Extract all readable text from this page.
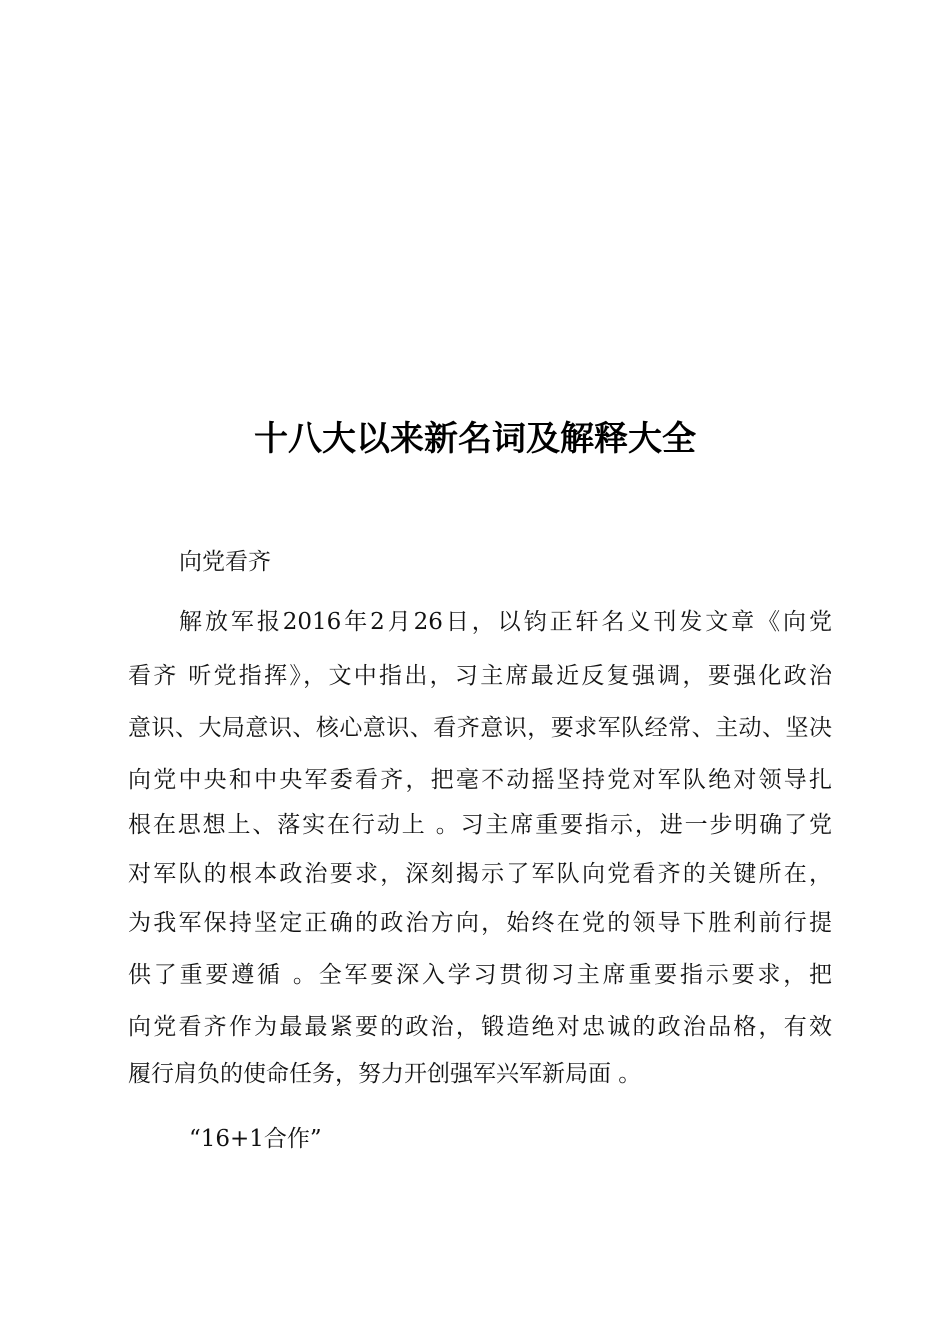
十八大以来新名词及解释大全
向党看齐
解放军报2016年2月26日，以钧正轩名义刊发文章《向党
看齐 听党指挥》，文中指出，习主席最近反复强调，要强化政治
意识、大局意识、核心意识、看齐意识，要求军队经常、主动、坚决
向党中央和中央军委看齐，把毫不动摇坚持党对军队绝对领导扎
根在思想上、落实在行动上 。习主席重要指示，进一步明确了党
对军队的根本政治要求，深刻揭示了军队向党看齐的关键所在，
为我军保持坚定正确的政治方向，始终在党的领导下胜利前行提
供了重要遵循 。全军要深入学习贯彻习主席重要指示要求，把
向党看齐作为最最紧要的政治，锻造绝对忠诚的政治品格，有效
履行肩负的使命任务，努力开创强军兴军新局面 。
“16+1合作”
